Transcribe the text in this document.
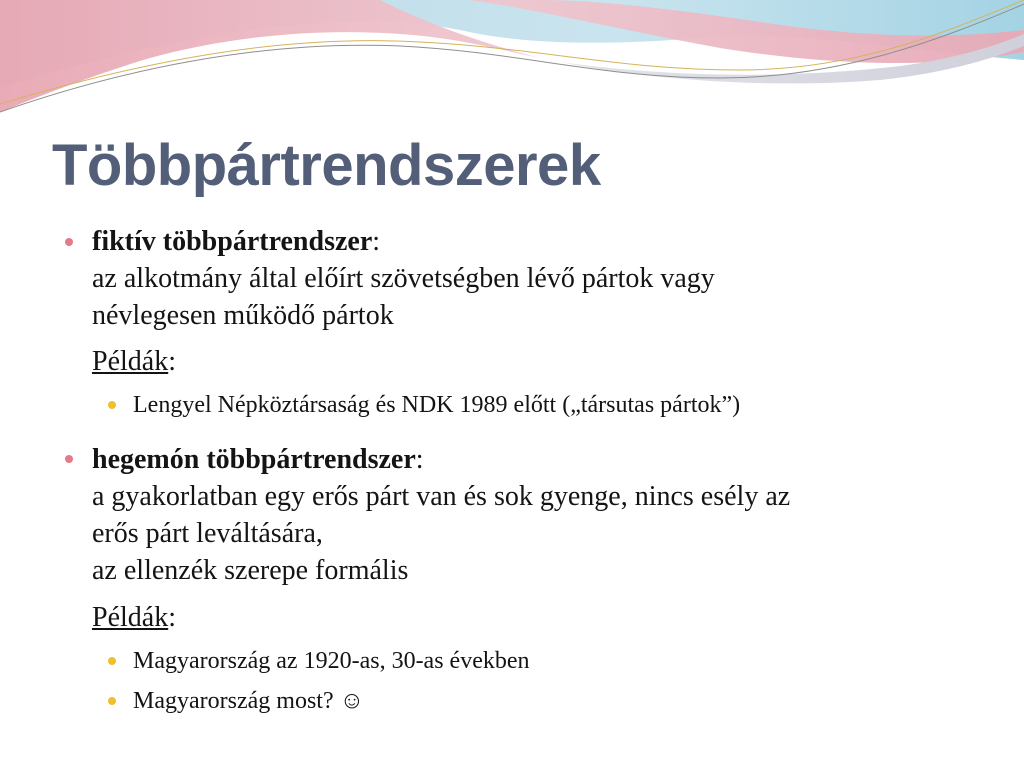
Többpártrendszerek
fiktív többpártrendszer:
az alkotmány által előírt szövetségben lévő pártok vagy
névlegesen működő pártok
Példák:
Lengyel Népköztársaság és NDK 1989 előtt („társutas pártok”)
hegemón többpártrendszer:
a gyakorlatban egy erős párt van és sok gyenge, nincs esély az
erős párt leváltására,
az ellenzék szerepe formális
Példák:
Magyarország az 1920-as, 30-as években
Magyarország most? ☺
